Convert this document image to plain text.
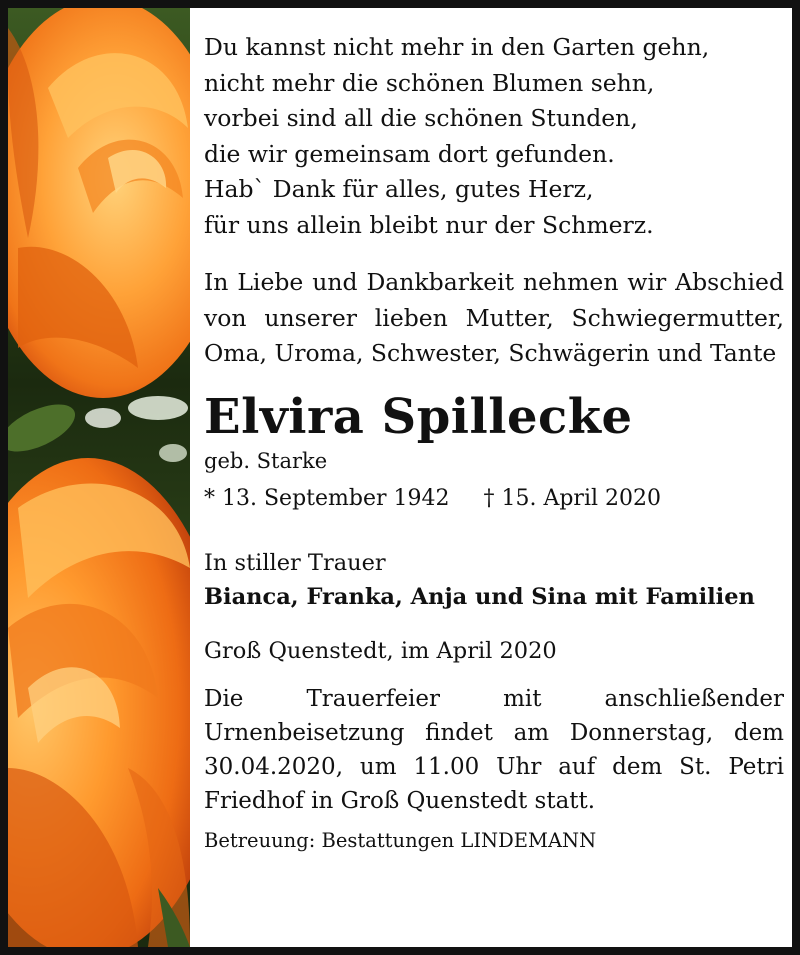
Du kannst nicht mehr in den Garten gehn,

nicht mehr die schönen Blumen sehn,

vorbei sind all die schönen Stunden,

die wir gemeinsam dort gefunden.

Hab` Dank für alles, gutes Herz,

für uns allein bleibt nur der Schmerz.

In Liebe und Dankbarkeit nehmen wir Abschied von unserer lieben Mutter, Schwiegermutter, Oma, Uroma, Schwester, Schwägerin und Tante

Elvira Spillecke

geb. Starke

* 13. September 1942 † 15. April 2020

In stiller Trauer

Bianca, Franka, Anja und Sina mit Familien

Groß Quenstedt, im April 2020

Die Trauerfeier mit anschließender Urnenbeisetzung findet am Donnerstag, dem 30.04.2020, um 11.00 Uhr auf dem St. Petri Friedhof in Groß Quenstedt statt.

Betreuung: Bestattungen LINDEMANN
